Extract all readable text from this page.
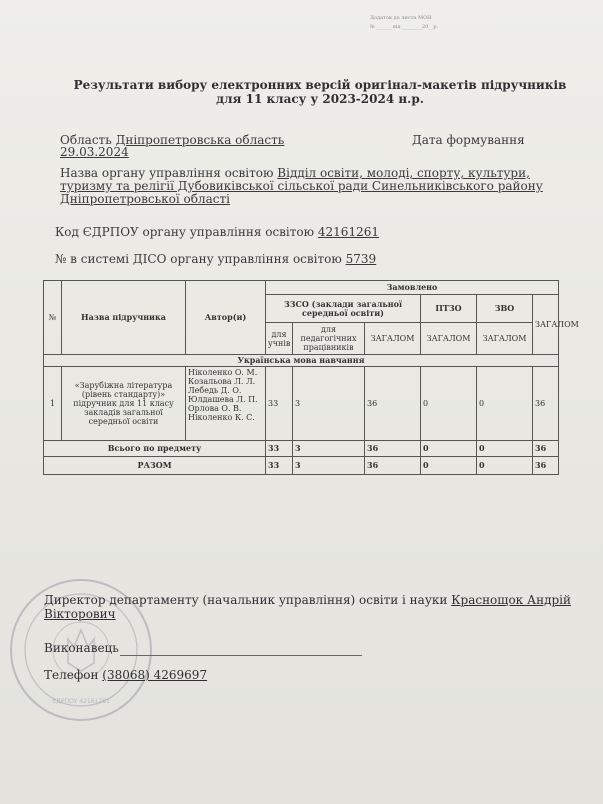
Додаток до листа МОН
№ ______ від ________20__р.
Результати вибору електронних версій оригінал-макетів підручників
для 11 класу у 2023-2024 н.р.
Область Дніпропетровська область	Дата формування
29.03.2024
Назва органу управління освітою Відділ освіти, молоді, спорту, культури, туризму та релігії Дубовиківської сільської ради Синельниківського району Дніпропетровської області
Код ЄДРПОУ органу управління освітою 42161261
№ в системі ДІСО органу управління освітою 5739
№	Назва підручника	Автор(и)	Замовлено					
			ЗЗСО (заклади загальної середньої освіти)			ПТЗО	ЗВО	ЗАГАЛОМ
			для учнів	для педагогічних працівників	ЗАГАЛОМ	ЗАГАЛОМ	ЗАГАЛОМ	
Українська мова навчання								
1	«Зарубіжна література (рівень стандарту)» підручник для 11 класу закладів загальної середньої освіти	Ніколенко О. М. Козальова Л. Л. Лебедь Д. О. Юлдашева Л. П. Орлова О. В. Ніколенко К. С.	33	3	36	0	0	36
Всього по предмету			33	3	36	0	0	36
РАЗОМ			33	3	36	0	0	36
ЄДРПОУ 42161261
Директор департаменту (начальник управління) освіти і науки Краснощок Андрій Вікторович
Виконавець
Телефон (38068) 4269697
